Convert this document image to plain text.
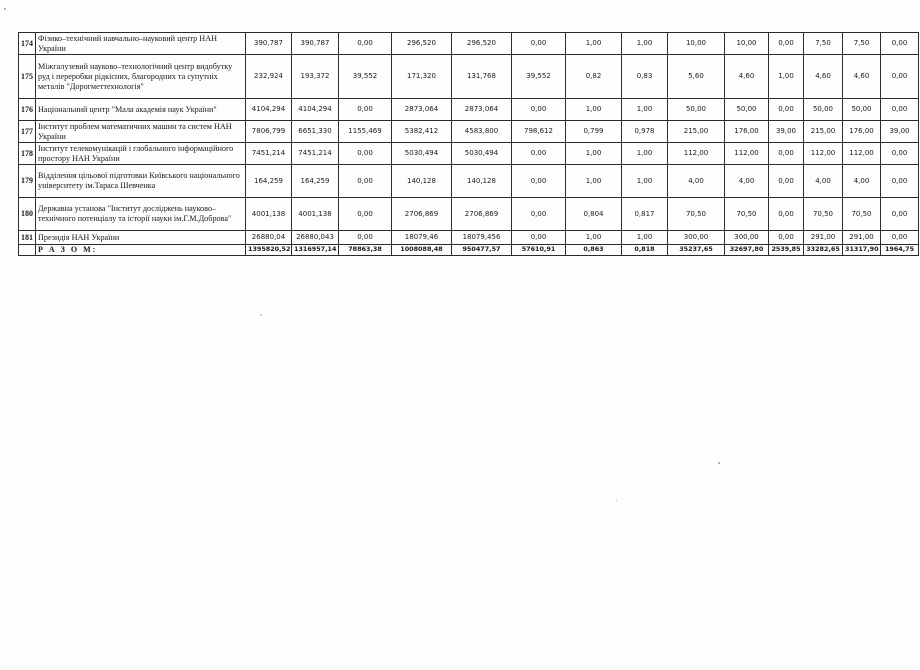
174	Фізико–технічний навчально–науковий центр НАН України	390,787	390,787	0,00	296,520	296,520	0,00	1,00	1,00	10,00	10,00	0,00	7,50	7,50	0,00
175	Міжгалузевий науково–технологічний центр видобутку руд і переробки рідкісних, благородних та супутніх металів "Дорогметтехнологія"	232,924	193,372	39,552	171,320	131,768	39,552	0,82	0,83	5,60	4,60	1,00	4,60	4,60	0,00
176	Національний центр "Мала академія наук України"	4104,294	4104,294	0,00	2873,064	2873,064	0,00	1,00	1,00	50,00	50,00	0,00	50,00	50,00	0,00
177	Інститут проблем математичних машин та систем НАН України	7806,799	6651,330	1155,469	5382,412	4583,800	798,612	0,799	0,978	215,00	176,00	39,00	215,00	176,00	39,00
178	Інститут телекомунікацій і глобального інформаційного простору НАН України	7451,214	7451,214	0,00	5030,494	5030,494	0,00	1,00	1,00	112,00	112,00	0,00	112,00	112,00	0,00
179	Відділення цільової підготовки Київського національного університету ім.Тараса Шевченка	164,259	164,259	0,00	140,128	140,128	0,00	1,00	1,00	4,00	4,00	0,00	4,00	4,00	0,00
180	Державна установа "Інститут досліджень науково–технічного потенціалу та історії науки ім.Г.М.Доброва"	4001,138	4001,138	0,00	2706,869	2706,869	0,00	0,804	0,817	70,50	70,50	0,00	70,50	70,50	0,00
181	Президія НАН України	26880,04	26880,043	0,00	18079,46	18079,456	0,00	1,00	1,00	300,00	300,00	0,00	291,00	291,00	0,00
	Р А З О М:	1395820,52	1316957,14	78863,38	1008088,48	950477,57	57610,91	0,863	0,818	35237,65	32697,80	2539,85	33282,65	31317,90	1964,75
